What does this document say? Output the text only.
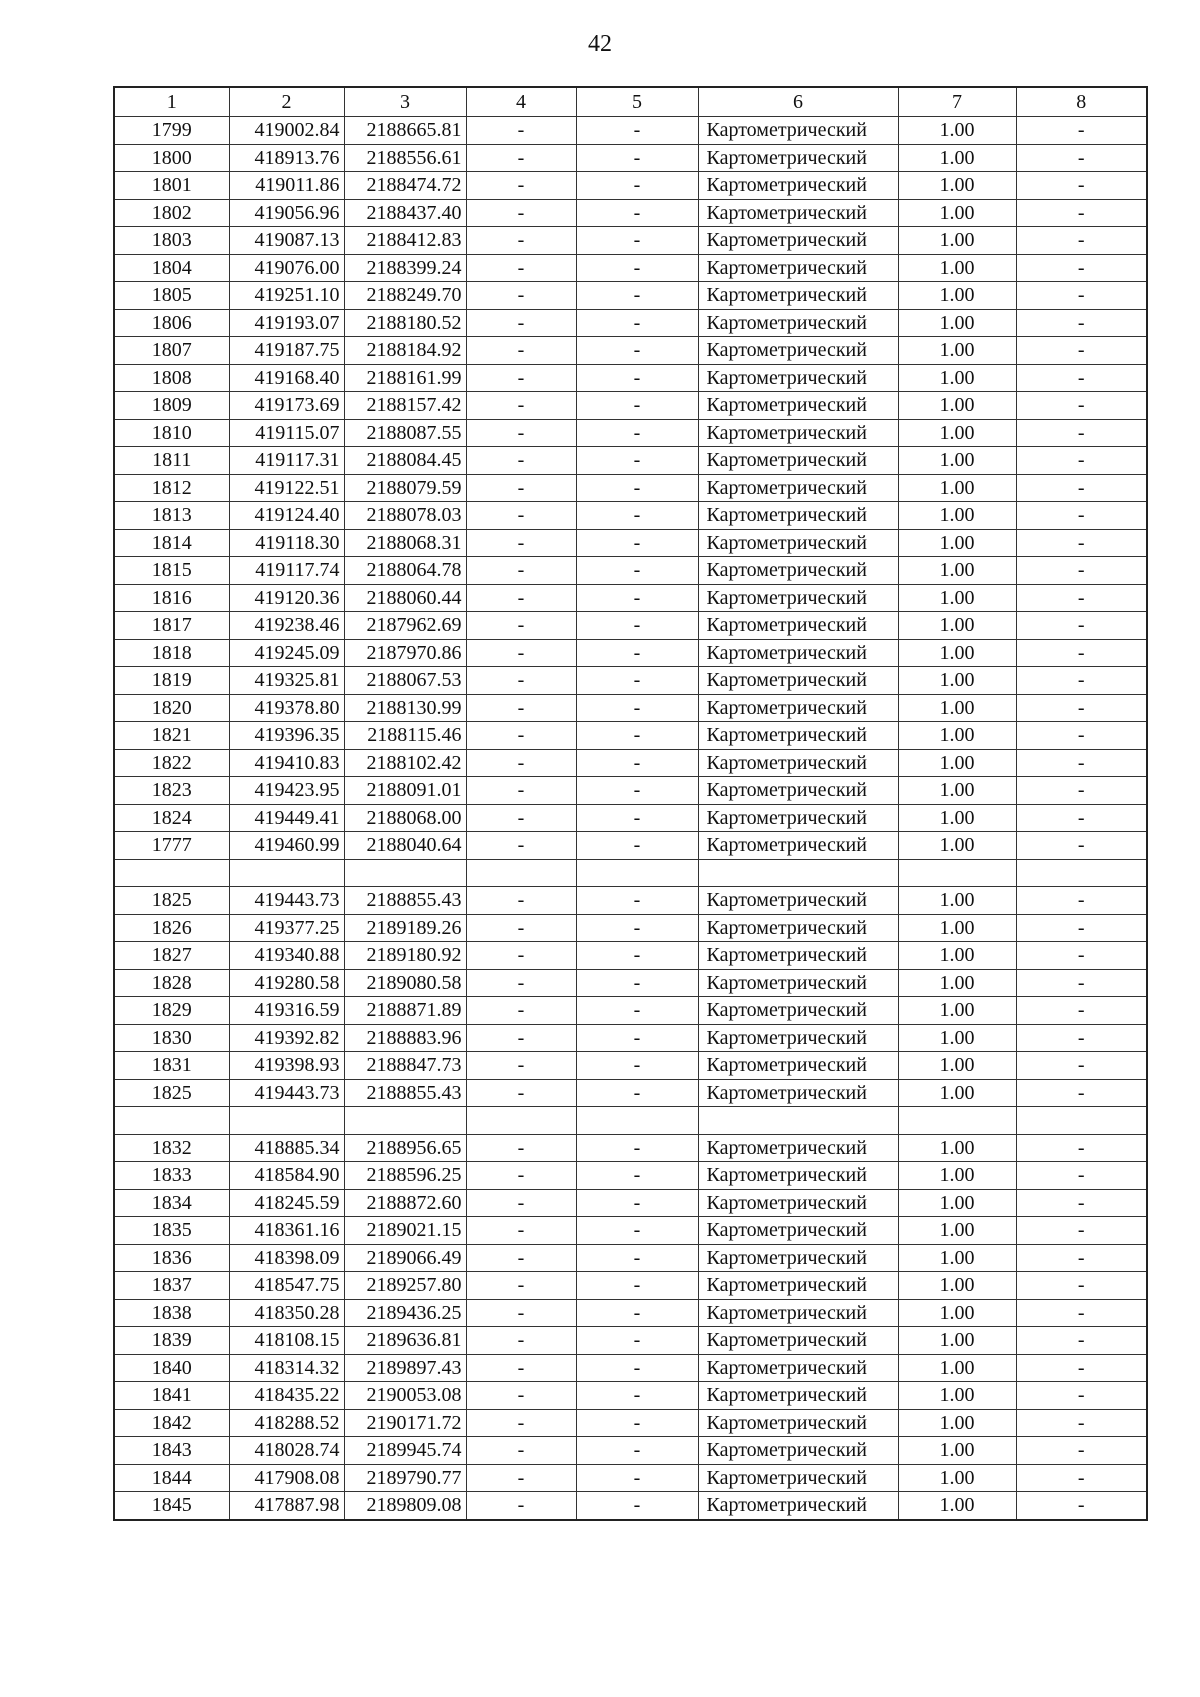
42
1	2	3	4	5	6	7	8
1799	419002.84	2188665.81	-	-	Картометрический	1.00	-
1800	418913.76	2188556.61	-	-	Картометрический	1.00	-
1801	419011.86	2188474.72	-	-	Картометрический	1.00	-
1802	419056.96	2188437.40	-	-	Картометрический	1.00	-
1803	419087.13	2188412.83	-	-	Картометрический	1.00	-
1804	419076.00	2188399.24	-	-	Картометрический	1.00	-
1805	419251.10	2188249.70	-	-	Картометрический	1.00	-
1806	419193.07	2188180.52	-	-	Картометрический	1.00	-
1807	419187.75	2188184.92	-	-	Картометрический	1.00	-
1808	419168.40	2188161.99	-	-	Картометрический	1.00	-
1809	419173.69	2188157.42	-	-	Картометрический	1.00	-
1810	419115.07	2188087.55	-	-	Картометрический	1.00	-
1811	419117.31	2188084.45	-	-	Картометрический	1.00	-
1812	419122.51	2188079.59	-	-	Картометрический	1.00	-
1813	419124.40	2188078.03	-	-	Картометрический	1.00	-
1814	419118.30	2188068.31	-	-	Картометрический	1.00	-
1815	419117.74	2188064.78	-	-	Картометрический	1.00	-
1816	419120.36	2188060.44	-	-	Картометрический	1.00	-
1817	419238.46	2187962.69	-	-	Картометрический	1.00	-
1818	419245.09	2187970.86	-	-	Картометрический	1.00	-
1819	419325.81	2188067.53	-	-	Картометрический	1.00	-
1820	419378.80	2188130.99	-	-	Картометрический	1.00	-
1821	419396.35	2188115.46	-	-	Картометрический	1.00	-
1822	419410.83	2188102.42	-	-	Картометрический	1.00	-
1823	419423.95	2188091.01	-	-	Картометрический	1.00	-
1824	419449.41	2188068.00	-	-	Картометрический	1.00	-
1777	419460.99	2188040.64	-	-	Картометрический	1.00	-

1825	419443.73	2188855.43	-	-	Картометрический	1.00	-
1826	419377.25	2189189.26	-	-	Картометрический	1.00	-
1827	419340.88	2189180.92	-	-	Картометрический	1.00	-
1828	419280.58	2189080.58	-	-	Картометрический	1.00	-
1829	419316.59	2188871.89	-	-	Картометрический	1.00	-
1830	419392.82	2188883.96	-	-	Картометрический	1.00	-
1831	419398.93	2188847.73	-	-	Картометрический	1.00	-
1825	419443.73	2188855.43	-	-	Картометрический	1.00	-

1832	418885.34	2188956.65	-	-	Картометрический	1.00	-
1833	418584.90	2188596.25	-	-	Картометрический	1.00	-
1834	418245.59	2188872.60	-	-	Картометрический	1.00	-
1835	418361.16	2189021.15	-	-	Картометрический	1.00	-
1836	418398.09	2189066.49	-	-	Картометрический	1.00	-
1837	418547.75	2189257.80	-	-	Картометрический	1.00	-
1838	418350.28	2189436.25	-	-	Картометрический	1.00	-
1839	418108.15	2189636.81	-	-	Картометрический	1.00	-
1840	418314.32	2189897.43	-	-	Картометрический	1.00	-
1841	418435.22	2190053.08	-	-	Картометрический	1.00	-
1842	418288.52	2190171.72	-	-	Картометрический	1.00	-
1843	418028.74	2189945.74	-	-	Картометрический	1.00	-
1844	417908.08	2189790.77	-	-	Картометрический	1.00	-
1845	417887.98	2189809.08	-	-	Картометрический	1.00	-
